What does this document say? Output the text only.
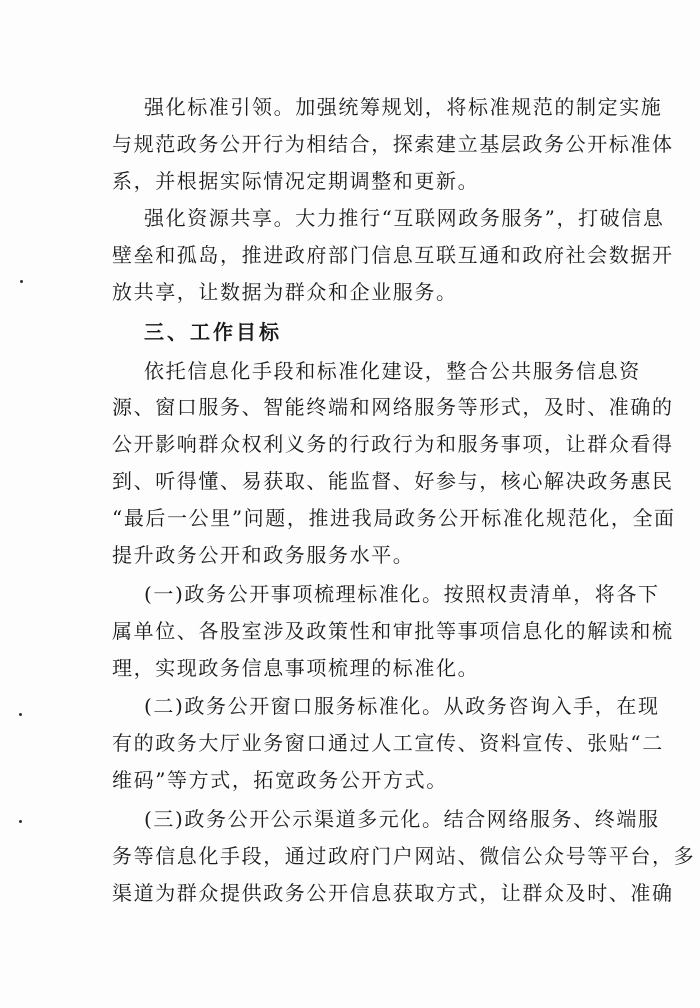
强化标准引领。加强统筹规划，将标准规范的制定实施
与规范政务公开行为相结合，探索建立基层政务公开标准体
系，并根据实际情况定期调整和更新。
强化资源共享。大力推行“互联网政务服务”，打破信息
壁垒和孤岛，推进政府部门信息互联互通和政府社会数据开
放共享，让数据为群众和企业服务。
三、工作目标
依托信息化手段和标准化建设，整合公共服务信息资
源、窗口服务、智能终端和网络服务等形式，及时、准确的
公开影响群众权利义务的行政行为和服务事项，让群众看得
到、听得懂、易获取、能监督、好参与，核心解决政务惠民
“最后一公里”问题，推进我局政务公开标准化规范化，全面
提升政务公开和政务服务水平。
(一)政务公开事项梳理标准化。按照权责清单，将各下
属单位、各股室涉及政策性和审批等事项信息化的解读和梳
理，实现政务信息事项梳理的标准化。
(二)政务公开窗口服务标准化。从政务咨询入手，在现
有的政务大厅业务窗口通过人工宣传、资料宣传、张贴“二
维码”等方式，拓宽政务公开方式。
(三)政务公开公示渠道多元化。结合网络服务、终端服
务等信息化手段，通过政府门户网站、微信公众号等平台，多
渠道为群众提供政务公开信息获取方式，让群众及时、准确
